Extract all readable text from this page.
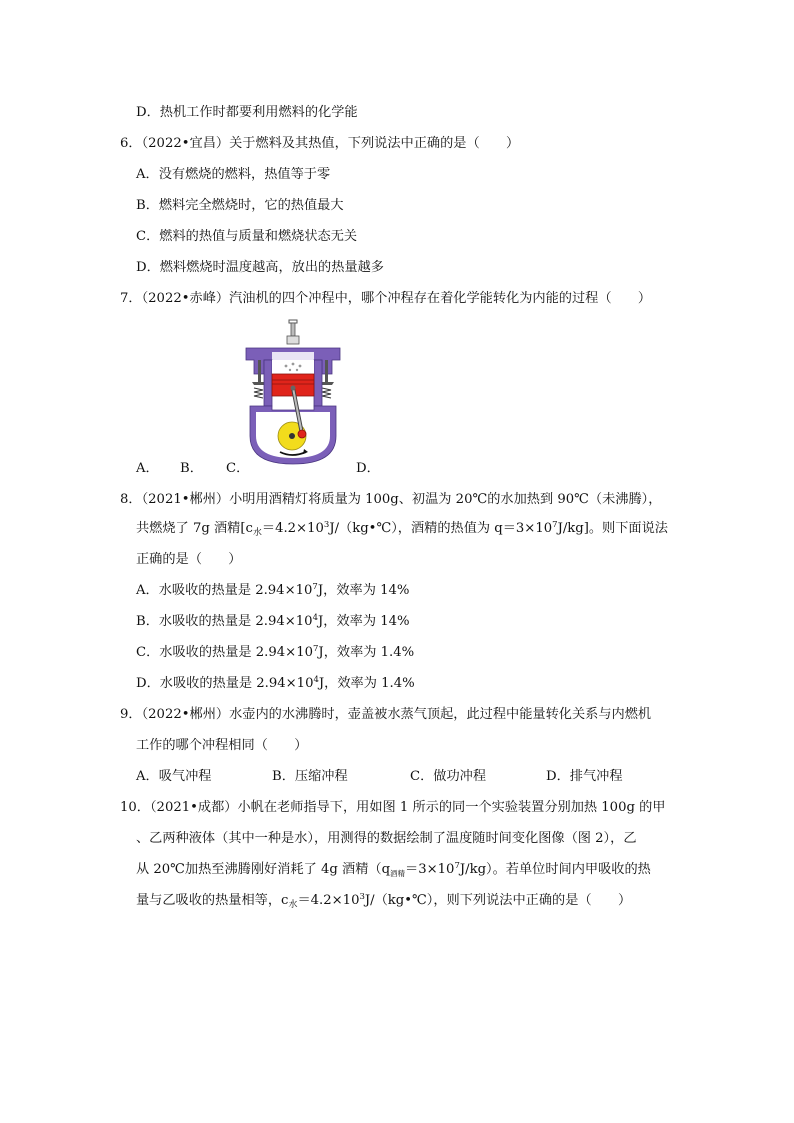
D．热机工作时都要利用燃料的化学能
6．（2022•宜昌）关于燃料及其热值，下列说法中正确的是（　　）
A．没有燃烧的燃料，热值等于零
B．燃料完全燃烧时，它的热值最大
C．燃料的热值与质量和燃烧状态无关
D．燃料燃烧时温度越高，放出的热量越多
7．（2022•赤峰）汽油机的四个冲程中，哪个冲程存在着化学能转化为内能的过程（　　）
A． B． C．	D．
8．（2021•郴州）小明用酒精灯将质量为 100g、初温为 20℃的水加热到 90℃（未沸腾），
共燃烧了 7g 酒精[$c_水=4.2\times 10^3J/(kg•℃)$，酒精的热值为 $q=3\times 10^7J/kg$]。则下面说法
正确的是（　　）
A．水吸收的热量是 $2.94\times 10^7J$，效率为 14%
B．水吸收的热量是 $2.94\times 10^4J$，效率为 14%
C．水吸收的热量是 $2.94\times 10^7J$，效率为 1.4%
D．水吸收的热量是 $2.94\times 10^4J$，效率为 1.4%
9．（2022•郴州）水壶内的水沸腾时，壶盖被水蒸气顶起，此过程中能量转化关系与内燃机
工作的哪个冲程相同（　　）
A．吸气冲程	B．压缩冲程	C．做功冲程	D．排气冲程
10．（2021•成都）小帆在老师指导下，用如图 1 所示的同一个实验装置分别加热 100g 的甲
、乙两种液体（其中一种是水），用测得的数据绘制了温度随时间变化图像（图 2），乙
从 20℃加热至沸腾刚好消耗了 4g 酒精$(q_{酒精}=3\times 10^7J/kg)$。若单位时间内甲吸收的热
量与乙吸收的热量相等，$c_水=4.2\times 10^3J/(kg•℃)$，则下列说法中正确的是（　　）
